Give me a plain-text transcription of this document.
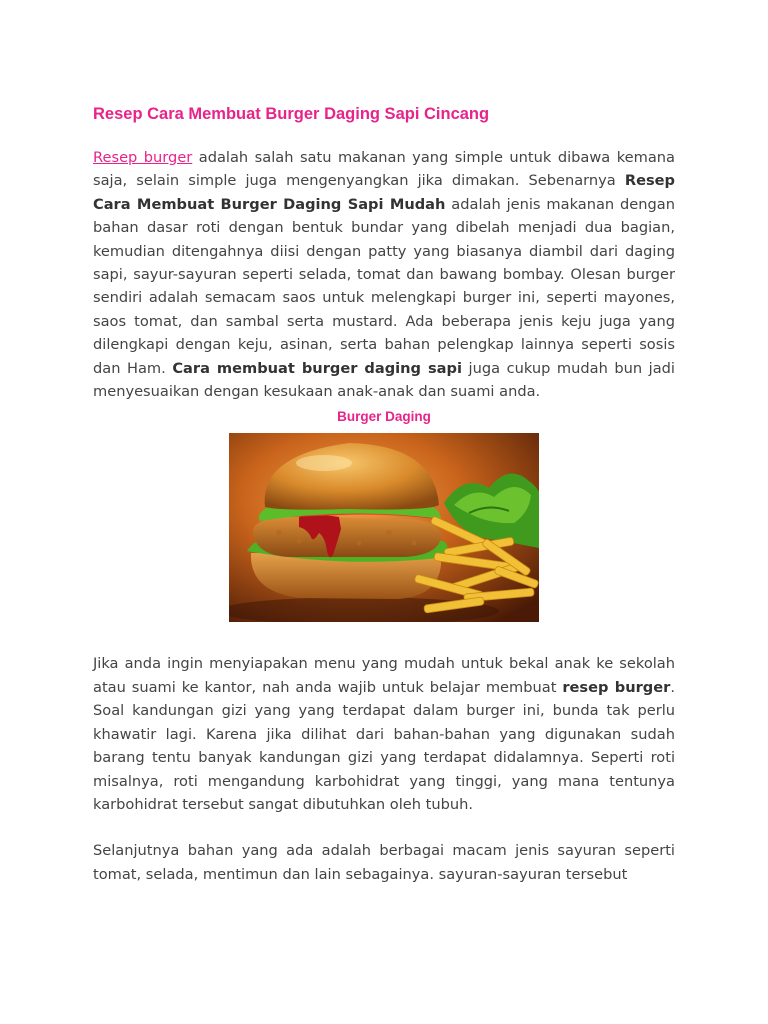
Resep Cara Membuat Burger Daging Sapi Cincang

Resep burger adalah salah satu makanan yang simple untuk dibawa kemana saja, selain simple juga mengenyangkan jika dimakan. Sebenarnya Resep Cara Membuat Burger Daging Sapi Mudah adalah jenis makanan dengan bahan dasar roti dengan bentuk bundar yang dibelah menjadi dua bagian, kemudian ditengahnya diisi dengan patty yang biasanya diambil dari daging sapi, sayur-sayuran seperti selada, tomat dan bawang bombay. Olesan burger sendiri adalah semacam saos untuk melengkapi burger ini, seperti mayones, saos tomat, dan sambal serta mustard. Ada beberapa jenis keju juga yang dilengkapi dengan keju, asinan, serta bahan pelengkap lainnya seperti sosis dan Ham. Cara membuat burger daging sapi juga cukup mudah bun jadi menyesuaikan dengan kesukaan anak-anak dan suami anda.

Burger Daging

Jika anda ingin menyiapakan menu yang mudah untuk bekal anak ke sekolah atau suami ke kantor, nah anda wajib untuk belajar membuat resep burger. Soal kandungan gizi yang yang terdapat dalam burger ini, bunda tak perlu khawatir lagi. Karena jika dilihat dari bahan-bahan yang digunakan sudah barang tentu banyak kandungan gizi yang terdapat didalamnya. Seperti roti misalnya, roti mengandung karbohidrat yang tinggi, yang mana tentunya karbohidrat tersebut sangat dibutuhkan oleh tubuh.

Selanjutnya bahan yang ada adalah berbagai macam jenis sayuran seperti tomat, selada, mentimun dan lain sebagainya. sayuran-sayuran tersebut
